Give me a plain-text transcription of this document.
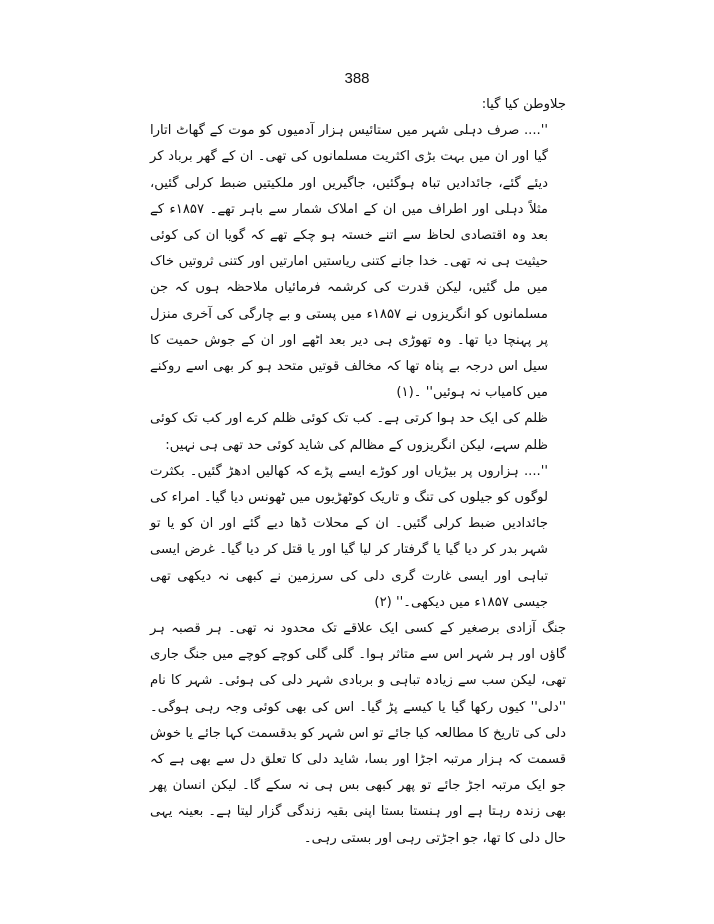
388

جلاوطن کیا گیا:

''.... صرف دہلی شہر میں ستائیس ہزار آدمیوں کو موت کے گھاٹ اتارا گیا اور ان میں بہت بڑی اکثریت مسلمانوں کی تھی۔ ان کے گھر برباد کر دیئے گئے، جائدادیں تباہ ہوگئیں، جاگیریں اور ملکیتیں ضبط کرلی گئیں، مثلاً دہلی اور اطراف میں ان کے املاک شمار سے باہر تھے۔ ۱۸۵۷ء کے بعد وہ اقتصادی لحاظ سے اتنے خستہ ہو چکے تھے کہ گویا ان کی کوئی حیثیت ہی نہ تھی۔ خدا جانے کتنی ریاستیں امارتیں اور کتنی ثروتیں خاک میں مل گئیں، لیکن قدرت کی کرشمہ فرمائیاں ملاحظہ ہوں کہ جن مسلمانوں کو انگریزوں نے ۱۸۵۷ء میں پستی و بے چارگی کی آخری منزل پر پہنچا دیا تھا۔ وہ تھوڑی ہی دیر بعد اٹھے اور ان کے جوش حمیت کا سیل اس درجہ بے پناہ تھا کہ مخالف قوتیں متحد ہو کر بھی اسے روکنے میں کامیاب نہ ہوئیں'' ۔(۱)

ظلم کی ایک حد ہوا کرتی ہے۔ کب تک کوئی ظلم کرے اور کب تک کوئی ظلم سہے، لیکن انگریزوں کے مظالم کی شاید کوئی حد تھی ہی نہیں:

''.... ہزاروں پر بیڑیاں اور کوڑے ایسے پڑے کہ کھالیں ادھڑ گئیں۔ بکثرت لوگوں کو جیلوں کی تنگ و تاریک کوٹھڑیوں میں ٹھونس دیا گیا۔ امراء کی جائدادیں ضبط کرلی گئیں۔ ان کے محلات ڈھا دیے گئے اور ان کو یا تو شہر بدر کر دیا گیا یا گرفتار کر لیا گیا اور یا قتل کر دیا گیا۔ غرض ایسی تباہی اور ایسی غارت گری دلی کی سرزمین نے کبھی نہ دیکھی تھی جیسی ۱۸۵۷ء میں دیکھی۔'' (۲)

جنگ آزادی برصغیر کے کسی ایک علاقے تک محدود نہ تھی۔ ہر قصبہ ہر گاؤں اور ہر شہر اس سے متاثر ہوا۔ گلی گلی کوچے کوچے میں جنگ جاری تھی، لیکن سب سے زیادہ تباہی و بربادی شہر دلی کی ہوئی۔ شہر کا نام ''دلی'' کیوں رکھا گیا یا کیسے پڑ گیا۔ اس کی بھی کوئی وجہ رہی ہوگی۔ دلی کی تاریخ کا مطالعہ کیا جائے تو اس شہر کو بدقسمت کہا جائے یا خوش قسمت کہ ہزار مرتبہ اجڑا اور بسا، شاید دلی کا تعلق دل سے بھی ہے کہ جو ایک مرتبہ اجڑ جائے تو پھر کبھی بس ہی نہ سکے گا۔ لیکن انسان پھر بھی زندہ رہتا ہے اور ہنستا بستا اپنی بقیہ زندگی گزار لیتا ہے۔ بعینہ یہی حال دلی کا تھا، جو اجڑتی رہی اور بستی رہی۔
